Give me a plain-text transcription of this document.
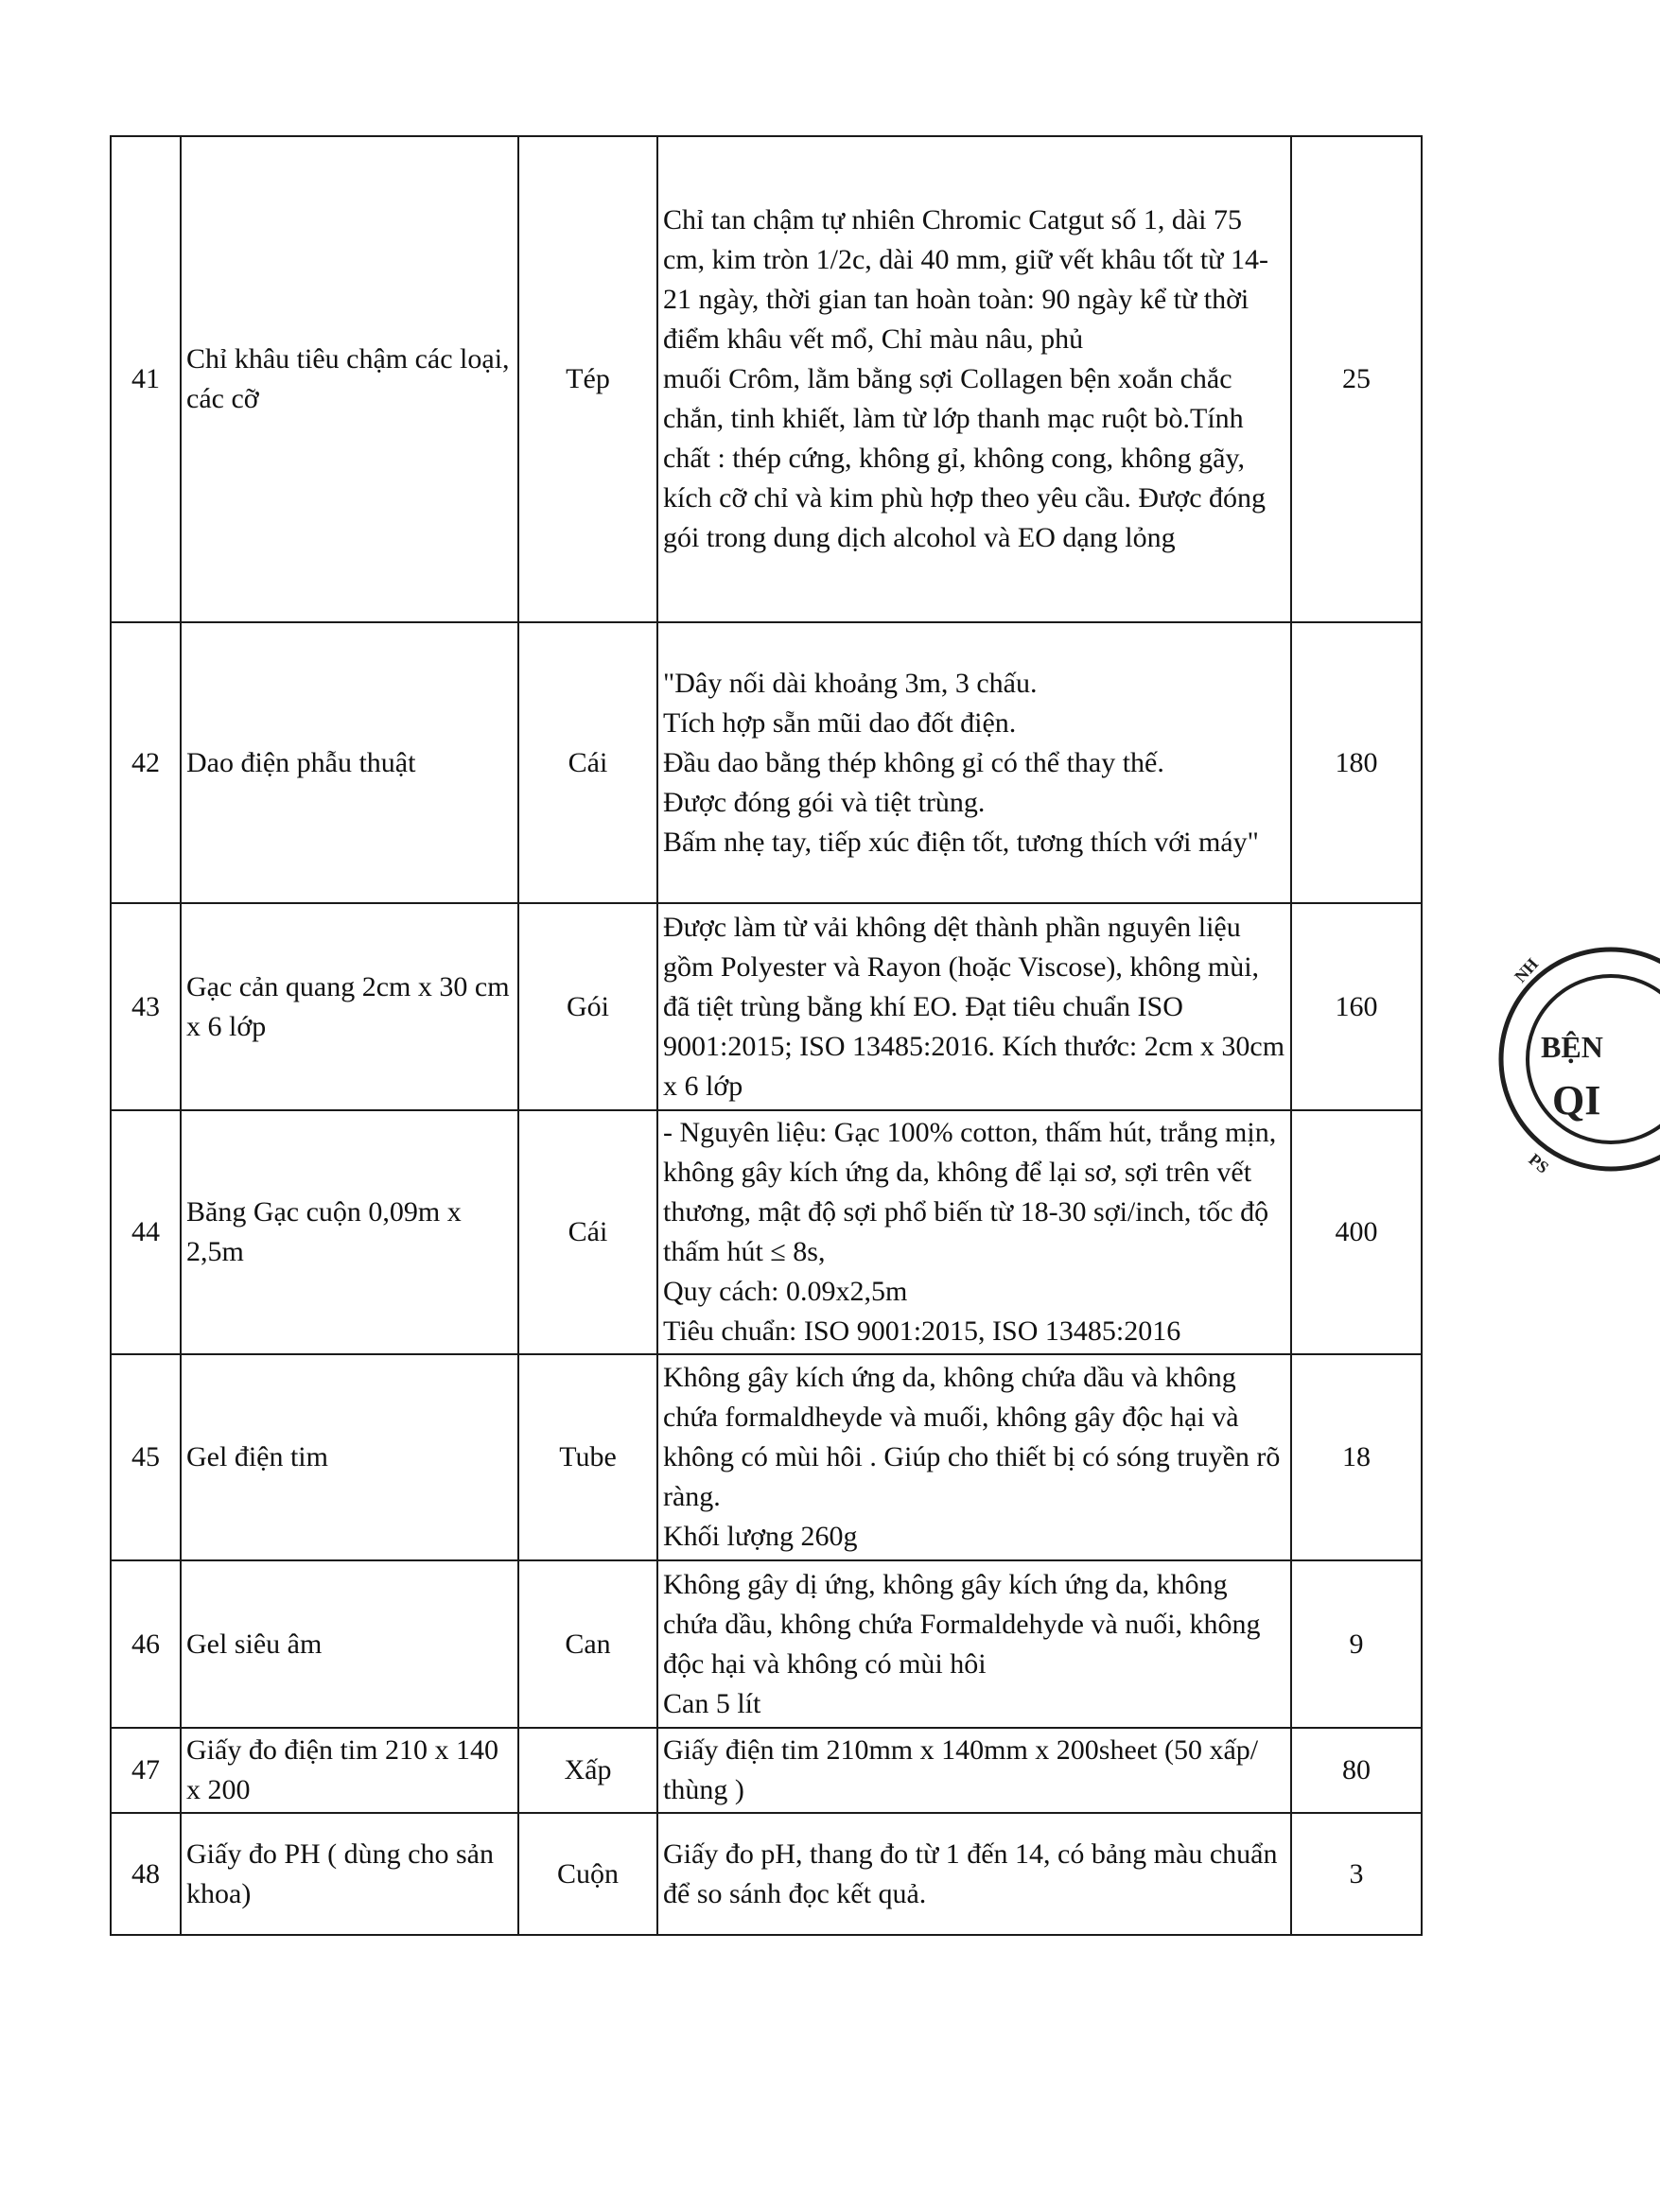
41	Chỉ khâu tiêu chậm các loại, các cỡ	Tép	Chỉ tan chậm tự nhiên Chromic Catgut số 1, dài 75 cm, kim tròn 1/2c, dài 40 mm, giữ vết khâu tốt từ 14-21 ngày, thời gian tan hoàn toàn: 90 ngày kể từ thời điểm khâu vết mổ, Chỉ màu nâu, phủ
muối Crôm, lằm bằng sợi Collagen bện xoắn chắc chắn, tinh khiết, làm từ lớp thanh mạc ruột bò.Tính chất : thép cứng, không gỉ, không cong, không gãy, kích cỡ chỉ và kim phù hợp theo yêu cầu. Được đóng gói trong dung dịch alcohol và EO dạng lỏng	25
42	Dao điện phẫu thuật	Cái	"Dây nối dài khoảng 3m, 3 chấu.
Tích hợp sẵn mũi dao đốt điện.
Đầu dao bằng thép không gỉ có thể thay thế.
Được đóng gói và tiệt trùng.
Bấm nhẹ tay, tiếp xúc điện tốt, tương thích với máy"	180
43	Gạc cản quang 2cm x 30 cm x 6 lớp	Gói	Được làm từ vải không dệt thành phần nguyên liệu gồm Polyester và Rayon (hoặc Viscose), không mùi, đã tiệt trùng bằng khí EO. Đạt tiêu chuẩn ISO 9001:2015; ISO 13485:2016. Kích thước: 2cm x 30cm x 6 lớp	160
44	Băng Gạc cuộn 0,09m x 2,5m	Cái	- Nguyên liệu: Gạc 100% cotton, thấm hút, trắng mịn, không gây kích ứng da, không để lại sơ, sợi trên vết thương, mật độ sợi phổ biến từ 18-30 sợi/inch, tốc độ thấm hút ≤ 8s,
Quy cách: 0.09x2,5m
Tiêu chuẩn: ISO 9001:2015, ISO 13485:2016	400
45	Gel điện tim	Tube	Không gây kích ứng da, không chứa dầu và không chứa formaldheyde và muối, không gây độc hại và không có mùi hôi . Giúp cho thiết bị có sóng truyền rõ ràng.
Khối lượng 260g	18
46	Gel siêu âm	Can	Không gây dị ứng, không gây kích ứng da, không chứa dầu, không chứa Formaldehyde và nuối, không độc hại và không có mùi hôi
Can 5 lít	9
47	Giấy đo điện tim 210 x 140 x 200	Xấp	Giấy điện tim 210mm x 140mm x 200sheet (50 xấp/ thùng )	80
48	Giấy đo PH ( dùng cho sản khoa)	Cuộn	Giấy đo pH, thang đo từ 1 đến 14, có bảng màu chuẩn để so sánh đọc kết quả.	3
NH
BỆN
QI
PS
